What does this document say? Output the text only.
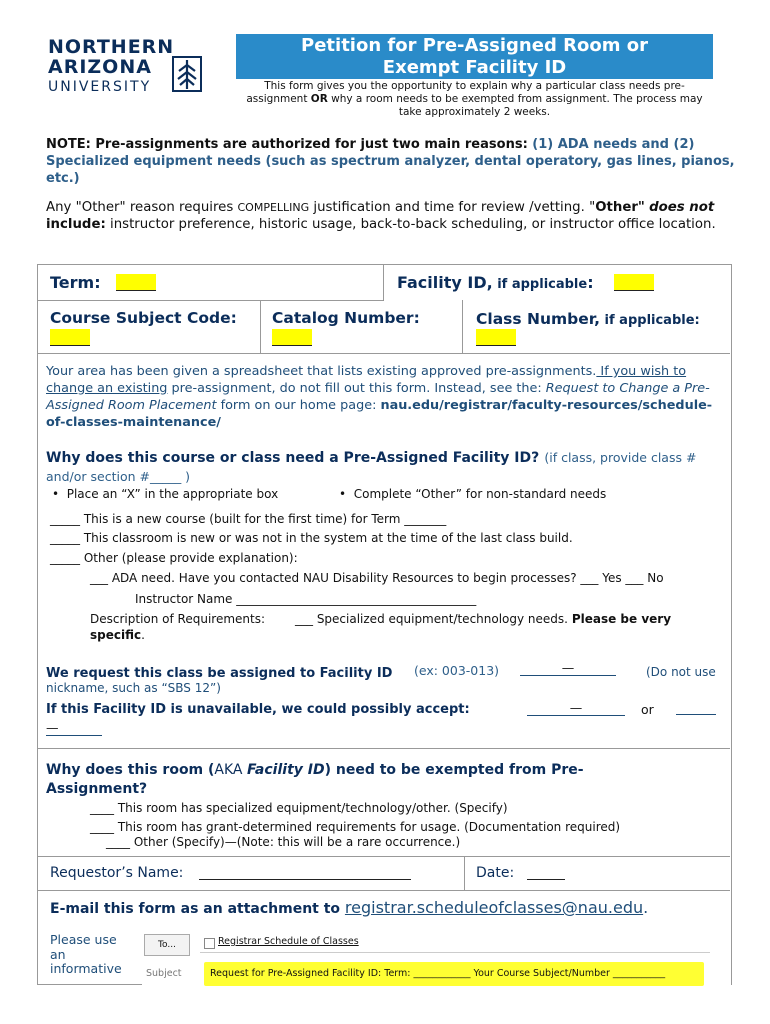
NORTHERN
ARIZONA
UNIVERSITY
Petition for Pre-Assigned Room or
Exempt Facility ID
This form gives you the opportunity to explain why a particular class needs pre-assignment OR why a room needs to be exempted from assignment. The process may take approximately 2 weeks.
NOTE: Pre-assignments are authorized for just two main reasons: (1) ADA needs and (2) Specialized equipment needs (such as spectrum analyzer, dental operatory, gas lines, pianos, etc.)
Any "Other" reason requires COMPELLING justification and time for review /vetting. "Other" does not include: instructor preference, historic usage, back-to-back scheduling, or instructor office location.
Term:	Facility ID, if applicable:
Course Subject Code: Catalog Number:	Class Number, if applicable:
Your area has been given a spreadsheet that lists existing approved pre-assignments. If you wish to change an existing pre-assignment, do not fill out this form. Instead, see the: Request to Change a Pre-Assigned Room Placement form on our home page: nau.edu/registrar/faculty-resources/schedule-of-classes-maintenance/
Why does this course or class need a Pre-Assigned Facility ID? (if class, provide class # and/or section #_____ )
•  Place an “X” in the appropriate box	•  Complete “Other” for non-standard needs
_____ This is a new course (built for the first time) for Term _______
_____ This classroom is new or was not in the system at the time of the last class build.
_____ Other (please provide explanation):
___ ADA need. Have you contacted NAU Disability Resources to begin processes? ___ Yes ___ No
Instructor Name ________________________________________
Description of Requirements:	___ Specialized equipment/technology needs. Please be very specific.
We request this class be assigned to Facility ID (ex: 003-013)	—	(Do not use nickname, such as “SBS 12”)
If this Facility ID is unavailable, we could possibly accept:	—	or
—
Why does this room (AKA Facility ID) need to be exempted from Pre-Assignment?
____ This room has specialized equipment/technology/other. (Specify)
____ This room has grant-determined requirements for usage. (Documentation required)
____ Other (Specify)—(Note: this will be a rare occurrence.)
Requestor’s Name:	Date:
E-mail this form as an attachment to registrar.scheduleofclasses@nau.edu.
Please use an informative
To...	Registrar Schedule of Classes
Subject	Request for Pre-Assigned Facility ID: Term: ____________ Your Course Subject/Number ___________
